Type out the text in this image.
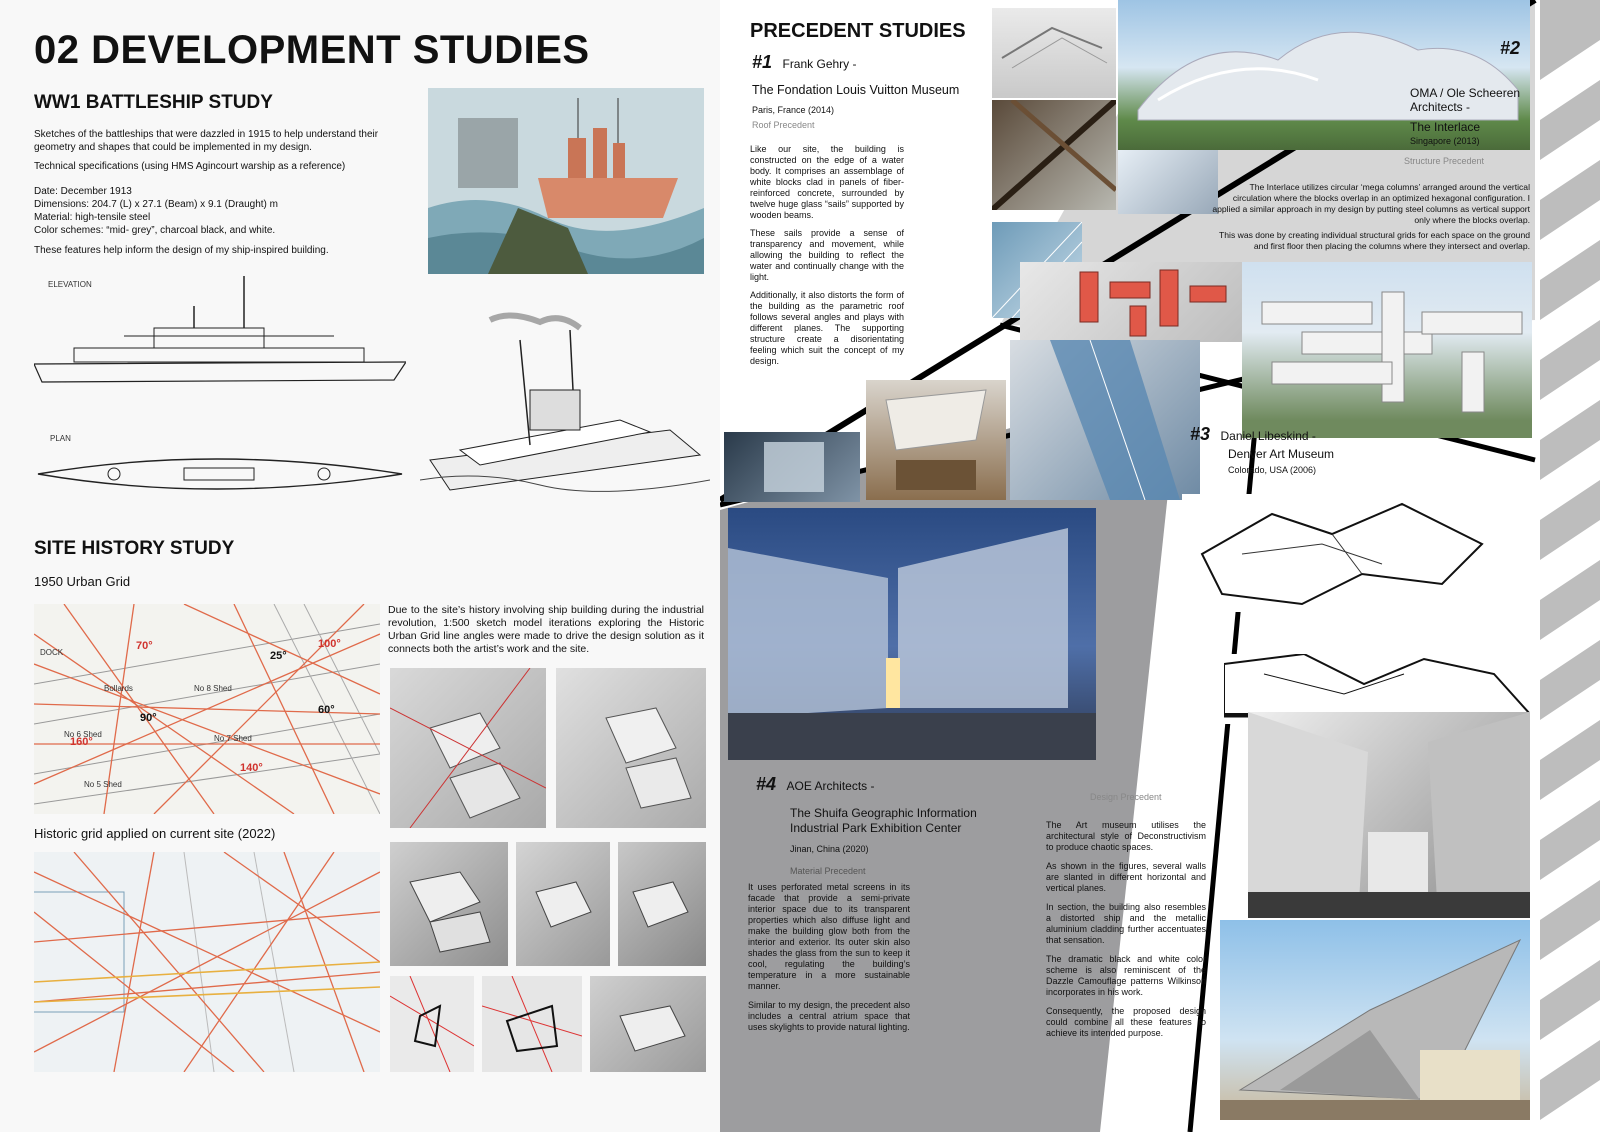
02 DEVELOPMENT STUDIES
WW1 BATTLESHIP STUDY
Sketches of the battleships that were dazzled in 1915 to help understand their geometry and shapes that could be implemented in my design.
Technical specifications (using HMS Agincourt warship as a reference)
Date: December 1913
Dimensions: 204.7 (L) x 27.1 (Beam) x 9.1 (Draught) m
Material: high-tensile steel
Color schemes: “mid- grey”, charcoal black, and white.
These features help inform the design of my ship-inspired building.
ELEVATION
PLAN
SITE HISTORY STUDY
1950 Urban Grid
DOCK
No 6 Shed	No 7 Shed
No 8 Shed
No 5 Shed
Bollards
70°	100°
160°
140°
25°
90°
60°
Due to the site’s history involving ship building during the industrial revolution, 1:500 sketch model iterations exploring the Historic Urban Grid line angles were made to drive the design solution as it connects both the artist’s work and the site.
Historic grid applied on current site (2022)
PRECEDENT STUDIES
#1 Frank Gehry -
The Fondation Louis Vuitton Museum
Paris, France (2014)
Roof Precedent

Like our site, the building is constructed on the edge of a water body. It comprises an assemblage of white blocks clad in panels of fiber-reinforced concrete, surrounded by twelve huge glass “sails” supported by wooden beams.

These sails provide a sense of transparency and movement, while allowing the building to reflect the water and continually change with the light.

Additionally, it also distorts the form of the building as the parametric roof follows several angles and plays with different planes. The supporting structure create a disorientating feeling which suit the concept of my design.

#2
OMA / Ole Scheeren Architects -
The Interlace
Singapore (2013)
Structure Precedent

The Interlace utilizes circular ‘mega columns’ arranged around the vertical circulation where the blocks overlap in an optimized hexagonal configuration. I applied a similar approach in my design by putting steel columns as vertical support only where the blocks overlap.

This was done by creating individual structural grids for each space on the ground and first floor then placing the columns where they intersect and overlap.

#4 AOE Architects -
The Shuifa Geographic Information Industrial Park Exhibition Center
Jinan, China (2020)
Material Precedent

It uses perforated metal screens in its facade that provide a semi-private interior space due to its transparent properties which also diffuse light and make the building glow both from the interior and exterior. Its outer skin also shades the glass from the sun to keep it cool, regulating the building’s temperature in a more sustainable manner.

Similar to my design, the precedent also includes a central atrium space that uses skylights to provide natural lighting.

#3 Daniel Libeskind -
Denver Art Museum
Colorado, USA (2006)
Design Precedent

The Art museum utilises the architectural style of Deconstructivism to produce chaotic spaces.

As shown in the figures, several walls are slanted in different horizontal and vertical planes.

In section, the building also resembles a distorted ship and the metallic aluminium cladding further accentuates that sensation.

The dramatic black and white color scheme is also reminiscent of the Dazzle Camouflage patterns Wilkinson incorporates in his work.

Consequently, the proposed design could combine all these features to achieve its intended purpose.
